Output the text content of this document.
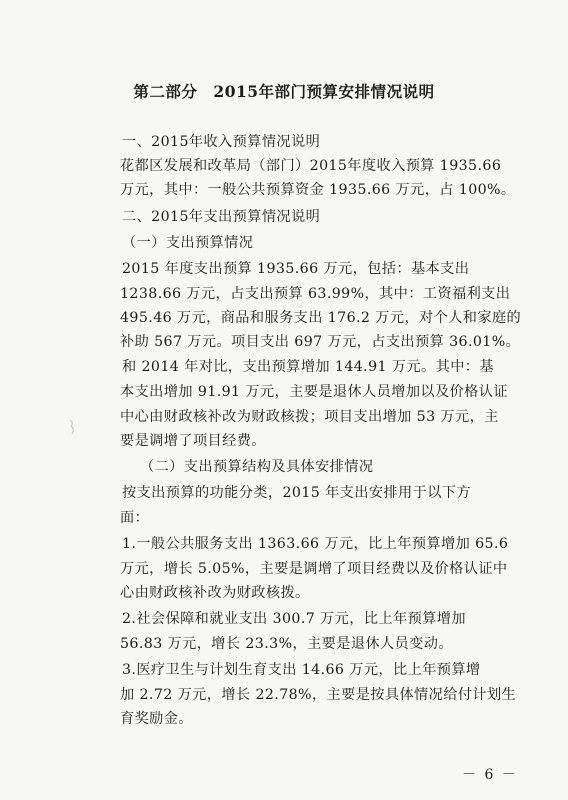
第二部分　2015年部门预算安排情况说明
一、2015年收入预算情况说明
花都区发展和改革局（部门）2015年度收入预算 1935.66
万元，其中：一般公共预算资金 1935.66 万元，占 100%。
二、2015年支出预算情况说明
（一）支出预算情况
2015 年度支出预算 1935.66 万元，包括：基本支出
1238.66 万元，占支出预算 63.99%，其中：工资福利支出
495.46 万元，商品和服务支出 176.2 万元，对个人和家庭的
补助 567 万元。项目支出 697 万元，占支出预算 36.01%。
和 2014 年对比，支出预算增加 144.91 万元。其中：基
本支出增加 91.91 万元，主要是退休人员增加以及价格认证
中心由财政核补改为财政核拨；项目支出增加 53 万元，主
要是调增了项目经费。
（二）支出预算结构及具体安排情况
按支出预算的功能分类，2015 年支出安排用于以下方
面：
1.一般公共服务支出 1363.66 万元，比上年预算增加 65.6
万元，增长 5.05%，主要是调增了项目经费以及价格认证中
心由财政核补改为财政核拨。
2.社会保障和就业支出 300.7 万元，比上年预算增加
56.83 万元，增长 23.3%，主要是退休人员变动。
3.医疗卫生与计划生育支出 14.66 万元，比上年预算增
加 2.72 万元，增长 22.78%，主要是按具体情况给付计划生
育奖励金。
－ 6 －
